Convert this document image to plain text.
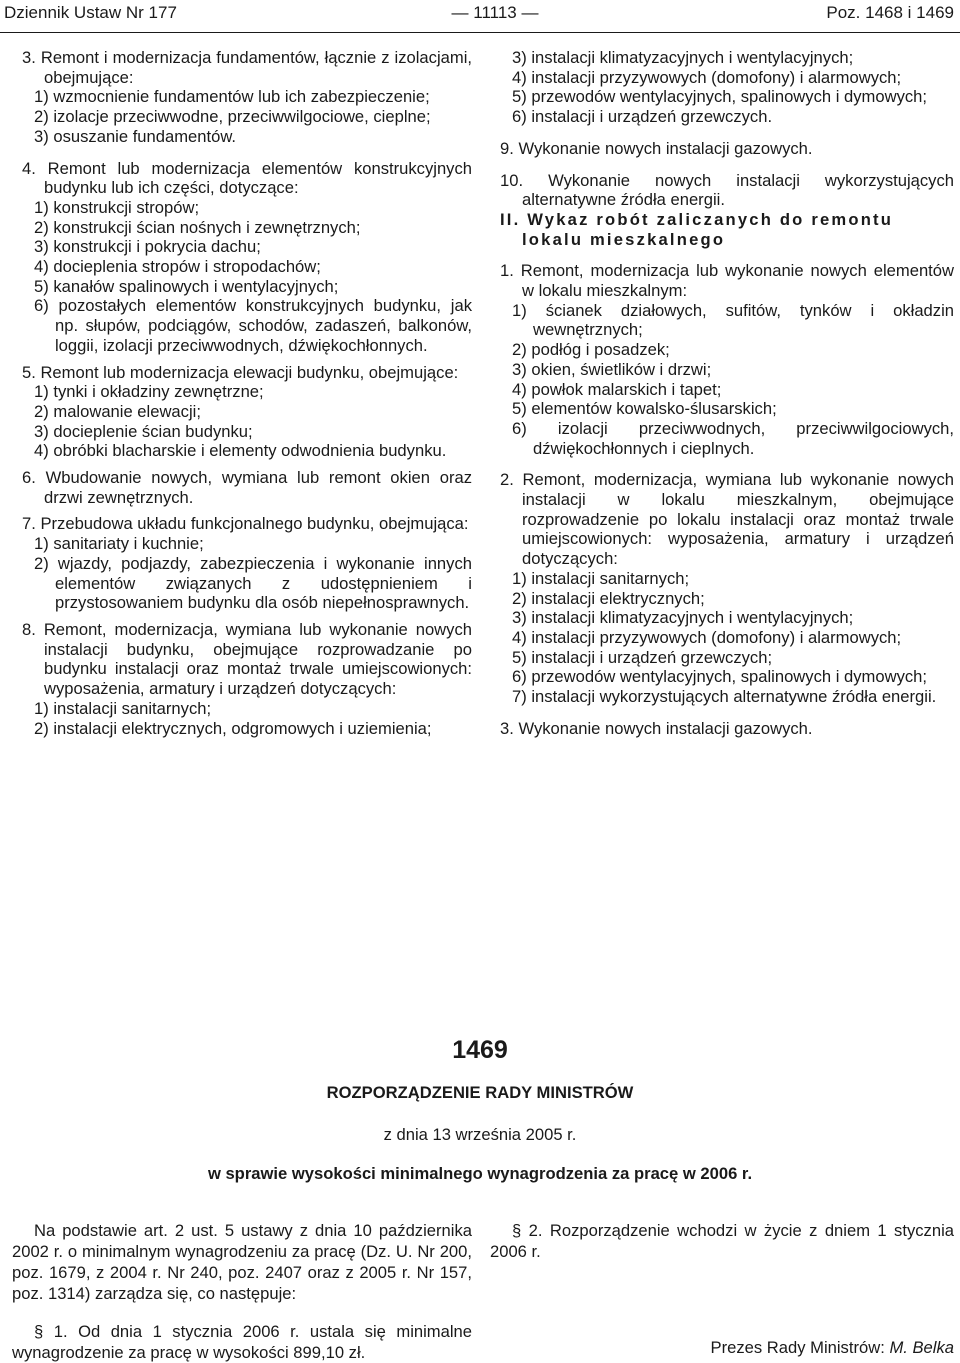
Dziennik Ustaw Nr 177	— 11113 —	Poz. 1468 i 1469

3. Remont i modernizacja fundamentów, łącznie z izolacjami, obejmujące:

1) wzmocnienie fundamentów lub ich zabezpieczenie;

2) izolacje przeciwwodne, przeciwwilgociowe, cieplne;

3) osuszanie fundamentów.

4. Remont lub modernizacja elementów konstrukcyjnych budynku lub ich części, dotyczące:

1) konstrukcji stropów;

2) konstrukcji ścian nośnych i zewnętrznych;

3) konstrukcji i pokrycia dachu;

4) docieplenia stropów i stropodachów;

5) kanałów spalinowych i wentylacyjnych;

6) pozostałych elementów konstrukcyjnych budynku, jak np. słupów, podciągów, schodów, zadaszeń, balkonów, loggii, izolacji przeciwwodnych, dźwiękochłonnych.

5. Remont lub modernizacja elewacji budynku, obejmujące:

1) tynki i okładziny zewnętrzne;

2) malowanie elewacji;

3) docieplenie ścian budynku;

4) obróbki blacharskie i elementy odwodnienia budynku.

6. Wbudowanie nowych, wymiana lub remont okien oraz drzwi zewnętrznych.

7. Przebudowa układu funkcjonalnego budynku, obejmująca:

1) sanitariaty i kuchnie;

2) wjazdy, podjazdy, zabezpieczenia i wykonanie innych elementów związanych z udostępnieniem i przystosowaniem budynku dla osób niepełnosprawnych.

8. Remont, modernizacja, wymiana lub wykonanie nowych instalacji budynku, obejmujące rozprowadzanie po budynku instalacji oraz montaż trwale umiejscowionych: wyposażenia, armatury i urządzeń dotyczących:

1) instalacji sanitarnych;

2) instalacji elektrycznych, odgromowych i uziemienia;

3) instalacji klimatyzacyjnych i wentylacyjnych;

4) instalacji przyzywowych (domofony) i alarmowych;

5) przewodów wentylacyjnych, spalinowych i dymowych;

6) instalacji i urządzeń grzewczych.

9. Wykonanie nowych instalacji gazowych.

10. Wykonanie nowych instalacji wykorzystujących alternatywne źródła energii.

II. Wykaz robót zaliczanych do remontu lokalu mieszkalnego

1. Remont, modernizacja lub wykonanie nowych elementów w lokalu mieszkalnym:

1) ścianek działowych, sufitów, tynków i okładzin wewnętrznych;

2) podłóg i posadzek;

3) okien, świetlików i drzwi;

4) powłok malarskich i tapet;

5) elementów kowalsko-ślusarskich;

6) izolacji przeciwwodnych, przeciwwilgociowych, dźwiękochłonnych i cieplnych.

2. Remont, modernizacja, wymiana lub wykonanie nowych instalacji w lokalu mieszkalnym, obejmujące rozprowadzenie po lokalu instalacji oraz montaż trwale umiejscowionych: wyposażenia, armatury i urządzeń dotyczących:

1) instalacji sanitarnych;

2) instalacji elektrycznych;

3) instalacji klimatyzacyjnych i wentylacyjnych;

4) instalacji przyzywowych (domofony) i alarmowych;

5) instalacji i urządzeń grzewczych;

6) przewodów wentylacyjnych, spalinowych i dymowych;

7) instalacji wykorzystujących alternatywne źródła energii.

3. Wykonanie nowych instalacji gazowych.

1469
ROZPORZĄDZENIE RADY MINISTRÓW
z dnia 13 września 2005 r.
w sprawie wysokości minimalnego wynagrodzenia za pracę w 2006 r.

Na podstawie art. 2 ust. 5 ustawy z dnia 10 października 2002 r. o minimalnym wynagrodzeniu za pracę (Dz. U. Nr 200, poz. 1679, z 2004 r. Nr 240, poz. 2407 oraz z 2005 r. Nr 157, poz. 1314) zarządza się, co następuje:

§ 1. Od dnia 1 stycznia 2006 r. ustala się minimalne wynagrodzenie za pracę w wysokości 899,10 zł.

§ 2. Rozporządzenie wchodzi w życie z dniem 1 stycznia 2006 r.

Prezes Rady Ministrów: M. Belka
